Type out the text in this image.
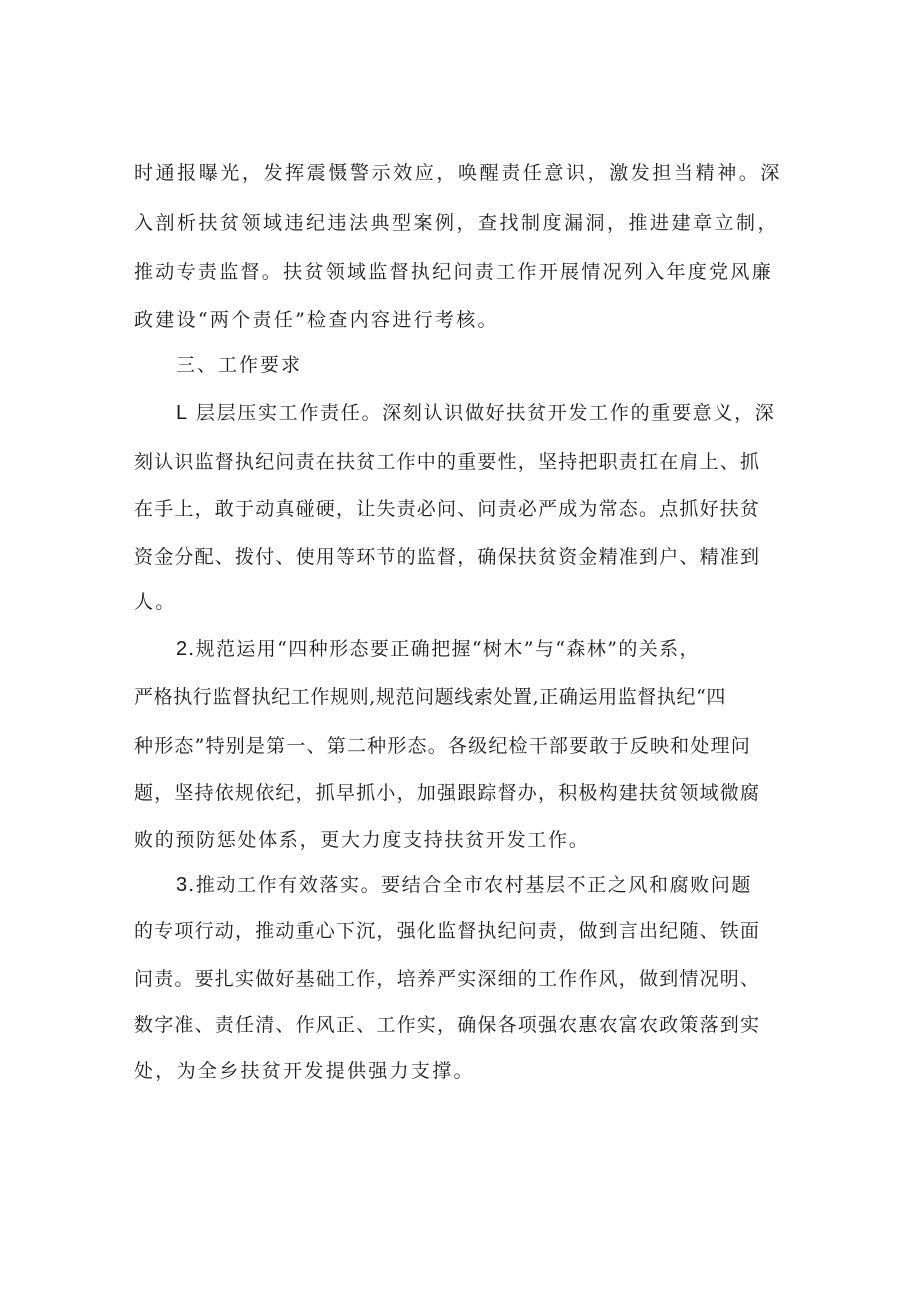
时通报曝光，发挥震慑警示效应，唤醒责任意识，激发担当精神。深
入剖析扶贫领域违纪违法典型案例，查找制度漏洞，推进建章立制，
推动专责监督。扶贫领域监督执纪问责工作开展情况列入年度党风廉
政建设“两个责任”检查内容进行考核。
三、工作要求
L 层层压实工作责任。深刻认识做好扶贫开发工作的重要意义，深
刻认识监督执纪问责在扶贫工作中的重要性，坚持把职责扛在肩上、抓
在手上，敢于动真碰硬，让失责必问、问责必严成为常态。点抓好扶贫
资金分配、拨付、使用等环节的监督，确保扶贫资金精准到户、精准到
人。
2.规范运用“四种形态要正确把握“树木”与“森林”的关系，
严格执行监督执纪工作规则,规范问题线索处置,正确运用监督执纪“四
种形态”特别是第一、第二种形态。各级纪检干部要敢于反映和处理问
题，坚持依规依纪，抓早抓小，加强跟踪督办，积极构建扶贫领域微腐
败的预防惩处体系，更大力度支持扶贫开发工作。
3.推动工作有效落实。要结合全市农村基层不正之风和腐败问题
的专项行动，推动重心下沉，强化监督执纪问责，做到言出纪随、铁面
问责。要扎实做好基础工作，培养严实深细的工作作风，做到情况明、
数字准、责任清、作风正、工作实，确保各项强农惠农富农政策落到实
处，为全乡扶贫开发提供强力支撑。
